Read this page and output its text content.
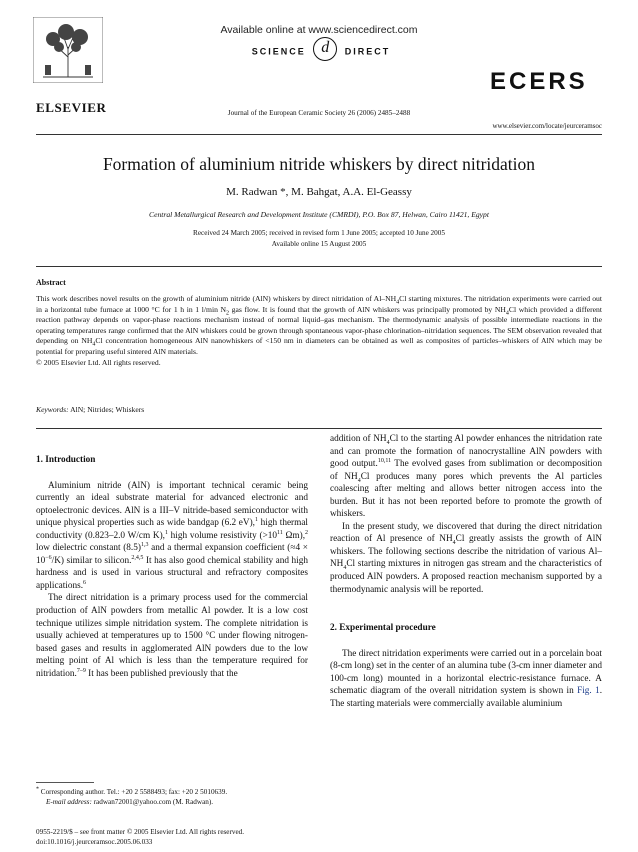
ELSEVIER
Available online at www.sciencedirect.com
SCIENCE d DIRECT
Journal of the European Ceramic Society 26 (2006) 2485–2488
ECERS
www.elsevier.com/locate/jeurceramsoc
Formation of aluminium nitride whiskers by direct nitridation
M. Radwan *, M. Bahgat, A.A. El-Geassy
Central Metallurgical Research and Development Institute (CMRDI), P.O. Box 87, Helwan, Cairo 11421, Egypt
Received 24 March 2005; received in revised form 1 June 2005; accepted 10 June 2005
Available online 15 August 2005
Abstract
This work describes novel results on the growth of aluminium nitride (AlN) whiskers by direct nitridation of $Al-NH_4Cl$ starting mixtures. The nitridation experiments were carried out in a horizontal tube furnace at 1000 °C for 1 h in 1 l/min $N_2$ gas flow. It is found that the growth of AlN whiskers was principally promoted by $NH_4Cl$ which provided a different reaction pathway depends on vapor-phase reactions mechanism instead of normal liquid–gas mechanism. The thermodynamic analysis of possible intermediate reactions in the operating temperatures range confirmed that the AlN whiskers could be grown through spontaneous vapor-phase chlorination–nitridation sequences. The SEM observation revealed that depending on $NH_4Cl$ concentration homogeneous AlN nanowhiskers of <150 nm in diameters can be obtained as well as composites of particles–whiskers of AlN which may be potential for preparing useful sintered AlN materials.
© 2005 Elsevier Ltd. All rights reserved.
Keywords: AlN; Nitrides; Whiskers
1. Introduction

Aluminium nitride (AlN) is important technical ceramic being currently an ideal substrate material for advanced electronic and optoelectronic devices. AlN is a III–V nitride-based semiconductor with unique physical properties such as wide bandgap (6.2 eV),$^1$ high thermal conductivity (0.823–2.0 W/cm K),$^1$ high volume resistivity ($>10^{11}$ Ωm),$^2$ low dielectric constant $(8.5)^{1,3}$ and a thermal expansion coefficient $(\approx 4 \times 10^{-6}/K)$ similar to silicon.$^{2,4,5}$ It has also good chemical stability and high hardness and is used in various structural and refractory composites applications.$^6$

The direct nitridation is a primary process used for the commercial production of AlN powders from metallic Al powder. It is a low cost technique utilizes simple nitridation system. The complete nitridation is usually achieved at temperatures up to 1500 °C under flowing nitrogen-based gases and results in agglomerated AlN powders due to the low melting point of Al which is less than the temperature required for nitridation.$^{7-9}$ It has been published previously that the

addition of $NH_4Cl$ to the starting Al powder enhances the nitridation rate and can promote the formation of nanocrystalline AlN powders with good output.$^{10,11}$ The evolved gases from sublimation or decomposition of $NH_4Cl$ produces many pores which prevents the Al particles coalescing after melting and allows better nitrogen access into the burden. But it has not been reported before to promote the growth of whiskers.

In the present study, we discovered that during the direct nitridation reaction of Al presence of $NH_4Cl$ greatly assists the growth of AlN whiskers. The following sections describe the nitridation of various $Al-NH_4Cl$ starting mixtures in nitrogen gas stream and the characteristics of produced AlN powders. A proposed reaction mechanism supported by a thermodynamic analysis will be reported.

2. Experimental procedure

The direct nitridation experiments were carried out in a porcelain boat (8-cm long) set in the center of an alumina tube (3-cm inner diameter and 100-cm long) mounted in a horizontal electric-resistance furnace. A schematic diagram of the overall nitridation system is shown in Fig. 1. The starting materials were commercially available aluminium

* Corresponding author. Tel.: +20 2 5588493; fax: +20 2 5010639.
E-mail address: radwan72001@yahoo.com (M. Radwan).
0955-2219/$ – see front matter © 2005 Elsevier Ltd. All rights reserved.
doi:10.1016/j.jeurceramsoc.2005.06.033
